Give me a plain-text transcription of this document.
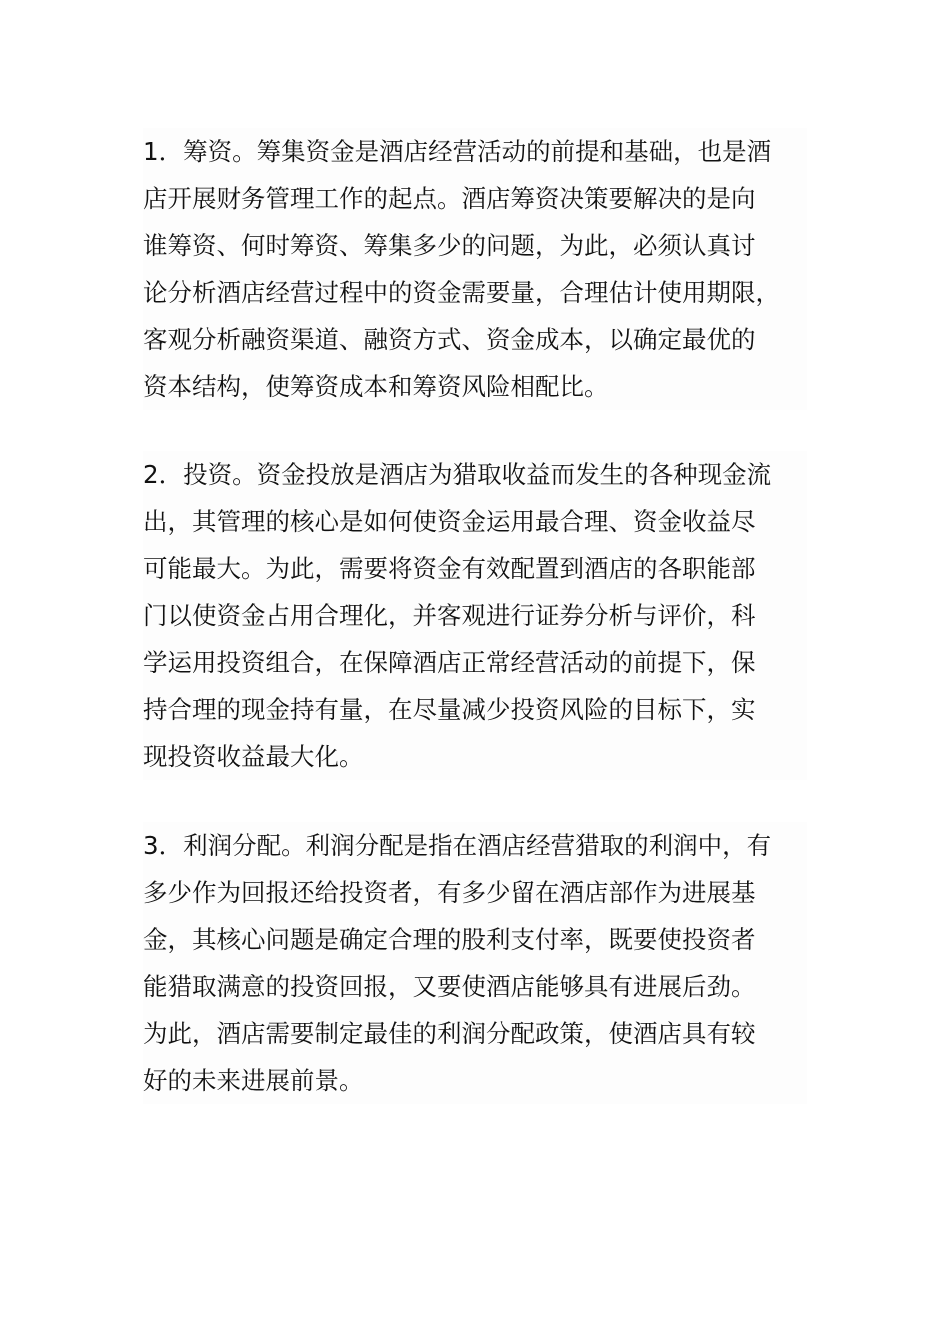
1．筹资。筹集资金是酒店经营活动的前提和基础，也是酒
店开展财务管理工作的起点。酒店筹资决策要解决的是向
谁筹资、何时筹资、筹集多少的问题，为此，必须认真讨
论分析酒店经营过程中的资金需要量，合理估计使用期限，
客观分析融资渠道、融资方式、资金成本，以确定最优的
资本结构，使筹资成本和筹资风险相配比。
2．投资。资金投放是酒店为猎取收益而发生的各种现金流
出，其管理的核心是如何使资金运用最合理、资金收益尽
可能最大。为此，需要将资金有效配置到酒店的各职能部
门以使资金占用合理化，并客观进行证券分析与评价，科
学运用投资组合，在保障酒店正常经营活动的前提下，保
持合理的现金持有量，在尽量减少投资风险的目标下，实
现投资收益最大化。
3．利润分配。利润分配是指在酒店经营猎取的利润中，有
多少作为回报还给投资者，有多少留在酒店部作为进展基
金，其核心问题是确定合理的股利支付率，既要使投资者
能猎取满意的投资回报，又要使酒店能够具有进展后劲。
为此，酒店需要制定最佳的利润分配政策，使酒店具有较
好的未来进展前景。
